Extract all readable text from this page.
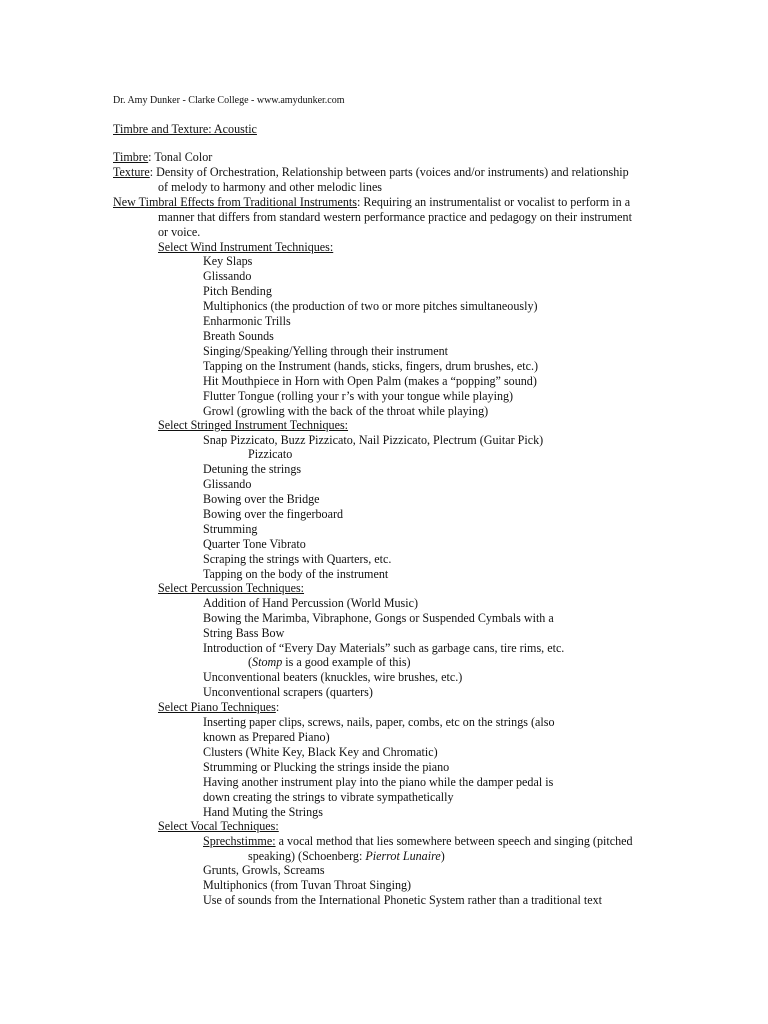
Dr. Amy Dunker - Clarke College - www.amydunker.com
Timbre and Texture: Acoustic
Timbre: Tonal Color
Texture: Density of Orchestration, Relationship between parts (voices and/or instruments) and relationship
of melody to harmony and other melodic lines
New Timbral Effects from Traditional Instruments: Requiring an instrumentalist or vocalist to perform in a
manner that differs from standard western performance practice and pedagogy on their instrument
or voice.
Select Wind Instrument Techniques:
Key Slaps
Glissando
Pitch Bending
Multiphonics (the production of two or more pitches simultaneously)
Enharmonic Trills
Breath Sounds
Singing/Speaking/Yelling through their instrument
Tapping on the Instrument (hands, sticks, fingers, drum brushes, etc.)
Hit Mouthpiece in Horn with Open Palm (makes a “popping” sound)
Flutter Tongue (rolling your r’s with your tongue while playing)
Growl (growling with the back of the throat while playing)
Select Stringed Instrument Techniques:
Snap Pizzicato, Buzz Pizzicato, Nail Pizzicato, Plectrum (Guitar Pick)
Pizzicato
Detuning the strings
Glissando
Bowing over the Bridge
Bowing over the fingerboard
Strumming
Quarter Tone Vibrato
Scraping the strings with Quarters, etc.
Tapping on the body of the instrument
Select Percussion Techniques:
Addition of Hand Percussion (World Music)
Bowing the Marimba, Vibraphone, Gongs or Suspended Cymbals with a
String Bass Bow
Introduction of “Every Day Materials” such as garbage cans, tire rims, etc.
(Stomp is a good example of this)
Unconventional beaters (knuckles, wire brushes, etc.)
Unconventional scrapers (quarters)
Select Piano Techniques:
Inserting paper clips, screws, nails, paper, combs, etc on the strings (also
known as Prepared Piano)
Clusters (White Key, Black Key and Chromatic)
Strumming or Plucking the strings inside the piano
Having another instrument play into the piano while the damper pedal is
down creating the strings to vibrate sympathetically
Hand Muting the Strings
Select Vocal Techniques:
Sprechstimme: a vocal method that lies somewhere between speech and singing (pitched
speaking) (Schoenberg: Pierrot Lunaire)
Grunts, Growls, Screams
Multiphonics (from Tuvan Throat Singing)
Use of sounds from the International Phonetic System rather than a traditional text
